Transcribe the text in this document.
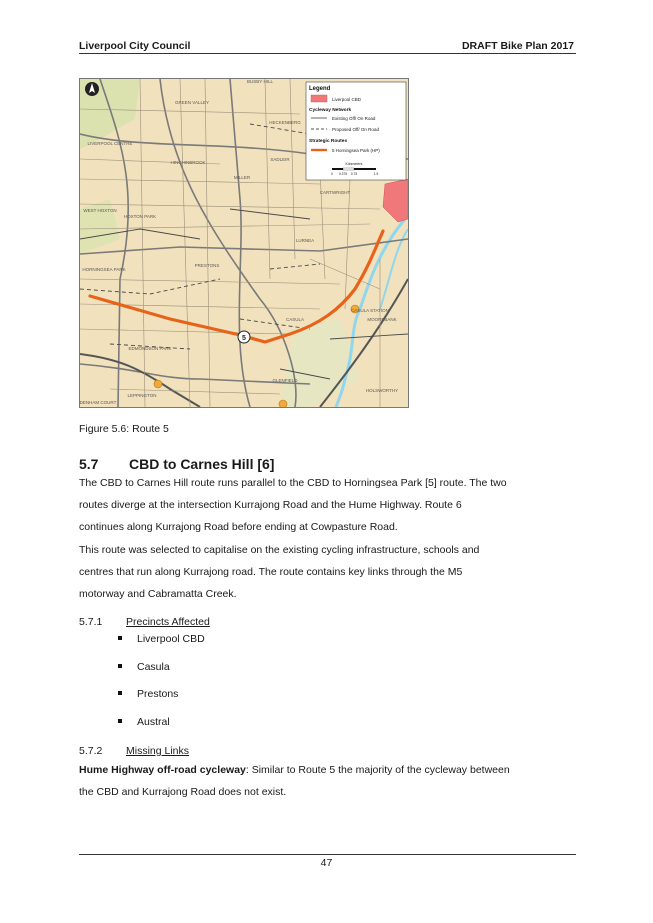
Liverpool City Council	DRAFT Bike Plan 2017
5
BUSBY HILL
GREEN VALLEY
HECKENBERG
LIVERPOOL CENTRE
HINCHINBROOK
SADLEIR
MILLER
CARTWRIGHT
WEST HOXTON
HOXTON PARK
HORNINGSEA PARK
PRESTONS
LURNEA
CASULA	MOOREBANK
EDMONDSON PARK
GLENFIELD
HOLSWORTHY
DENHAM COURT
CASULA STATION
LEPPINGTON
Legend
Liverpool CBD
Cycleway Network
Existing Off/ On Road
Proposed Off/ On Road
Strategic Routes
5 Horningsea Park (HP)
Kilometers
0 0.375 0.75	1.5
Figure 5.6: Route 5
5.7 CBD to Carnes Hill [6]
The CBD to Carnes Hill route runs parallel to the CBD to Horningsea Park [5] route. The two
routes diverge at the intersection Kurrajong Road and the Hume Highway. Route 6
continues along Kurrajong Road before ending at Cowpasture Road.
This route was selected to capitalise on the existing cycling infrastructure, schools and
centres that run along Kurrajong road. The route contains key links through the M5
motorway and Cabramatta Creek.
5.7.1 Precincts Affected
Liverpool CBD
Casula
Prestons
Austral
5.7.2 Missing Links
Hume Highway off-road cycleway: Similar to Route 5 the majority of the cycleway between
the CBD and Kurrajong Road does not exist.
47
